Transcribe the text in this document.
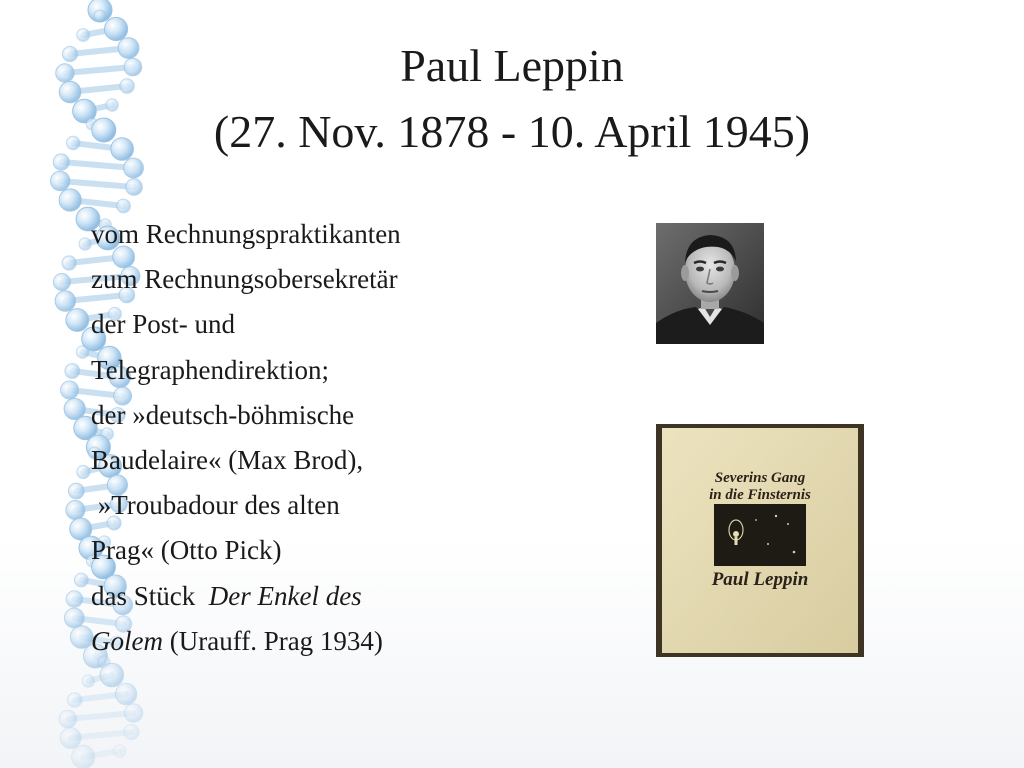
Paul Leppin
(27. Nov. 1878 - 10. April 1945)
vom Rechnungspraktikanten
zum Rechnungsobersekretär
der Post- und
Telegraphendirektion;
der »deutsch-böhmische
Baudelaire« (Max Brod),
»Troubadour des alten
Prag« (Otto Pick)
das Stück  Der Enkel des
Golem (Urauff. Prag 1934)
Severins Gang
in die Finsternis
Paul Leppin
